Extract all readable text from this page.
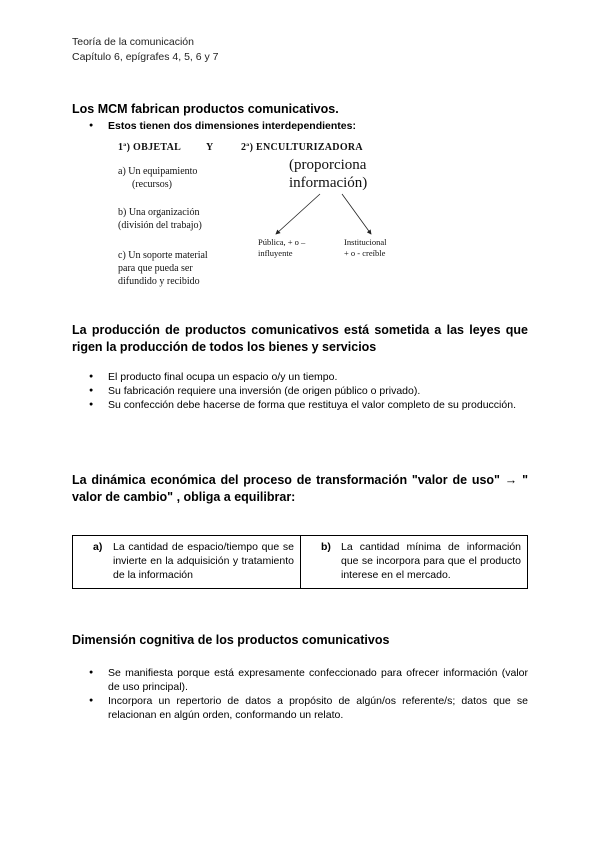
Teoría de la comunicación
Capítulo 6, epígrafes 4, 5, 6 y 7
Los MCM fabrican productos comunicativos.
● Estos tienen dos dimensiones interdependientes:
1ª) OBJETAL Y	2ª) ENCULTURIZADORA
a) Un equipamiento
(recursos)
b) Una organización
(división del trabajo)
c) Un soporte material
para que pueda ser
difundido y recibido
(proporciona
información)
Pública, + o –
influyente
Institucional
+ o - creíble
La producción de productos comunicativos está sometida a las leyes que rigen la producción de todos los bienes y servicios
● El producto final ocupa un espacio o/y un tiempo.
● Su fabricación requiere una inversión (de origen público o privado).
● Su confección debe hacerse de forma que restituya el valor completo de su producción.
La dinámica económica del proceso de transformación "valor de uso" → " valor de cambio" , obliga a equilibrar:
a)	La cantidad de espacio/tiempo que se invierte en la adquisición y tratamiento de la información
b) La cantidad mínima de información que se incorpora para que el producto interese en el mercado.
Dimensión cognitiva de los productos comunicativos
● Se manifiesta porque está expresamente confeccionado para ofrecer información (valor de uso principal).
● Incorpora un repertorio de datos a propósito de algún/os referente/s; datos que se relacionan en algún orden, conformando un relato.
